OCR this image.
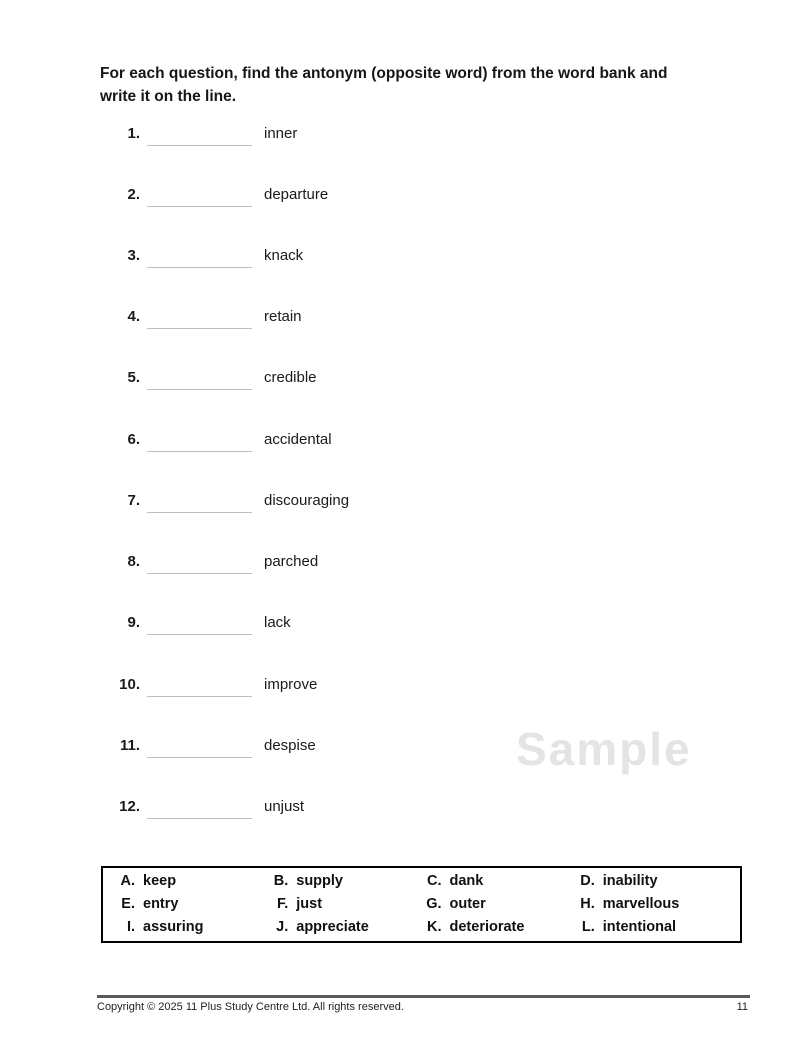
For each question, find the antonym (opposite word) from the word bank and
write it on the line.
1.	inner
2.	departure
3.	knack
4.	retain
5.	credible
6.	accidental
7.	discouraging
8.	parched
9.	lack
10.	improve
11.	despise
12.	unjust
Sample
A. keep	B. supply	C. dank	D. inability
E. entry	F. just	G. outer	H. marvellous
I. assuring	J. appreciate	K. deteriorate	L. intentional
Copyright © 2025 11 Plus Study Centre Ltd. All rights reserved.	11
